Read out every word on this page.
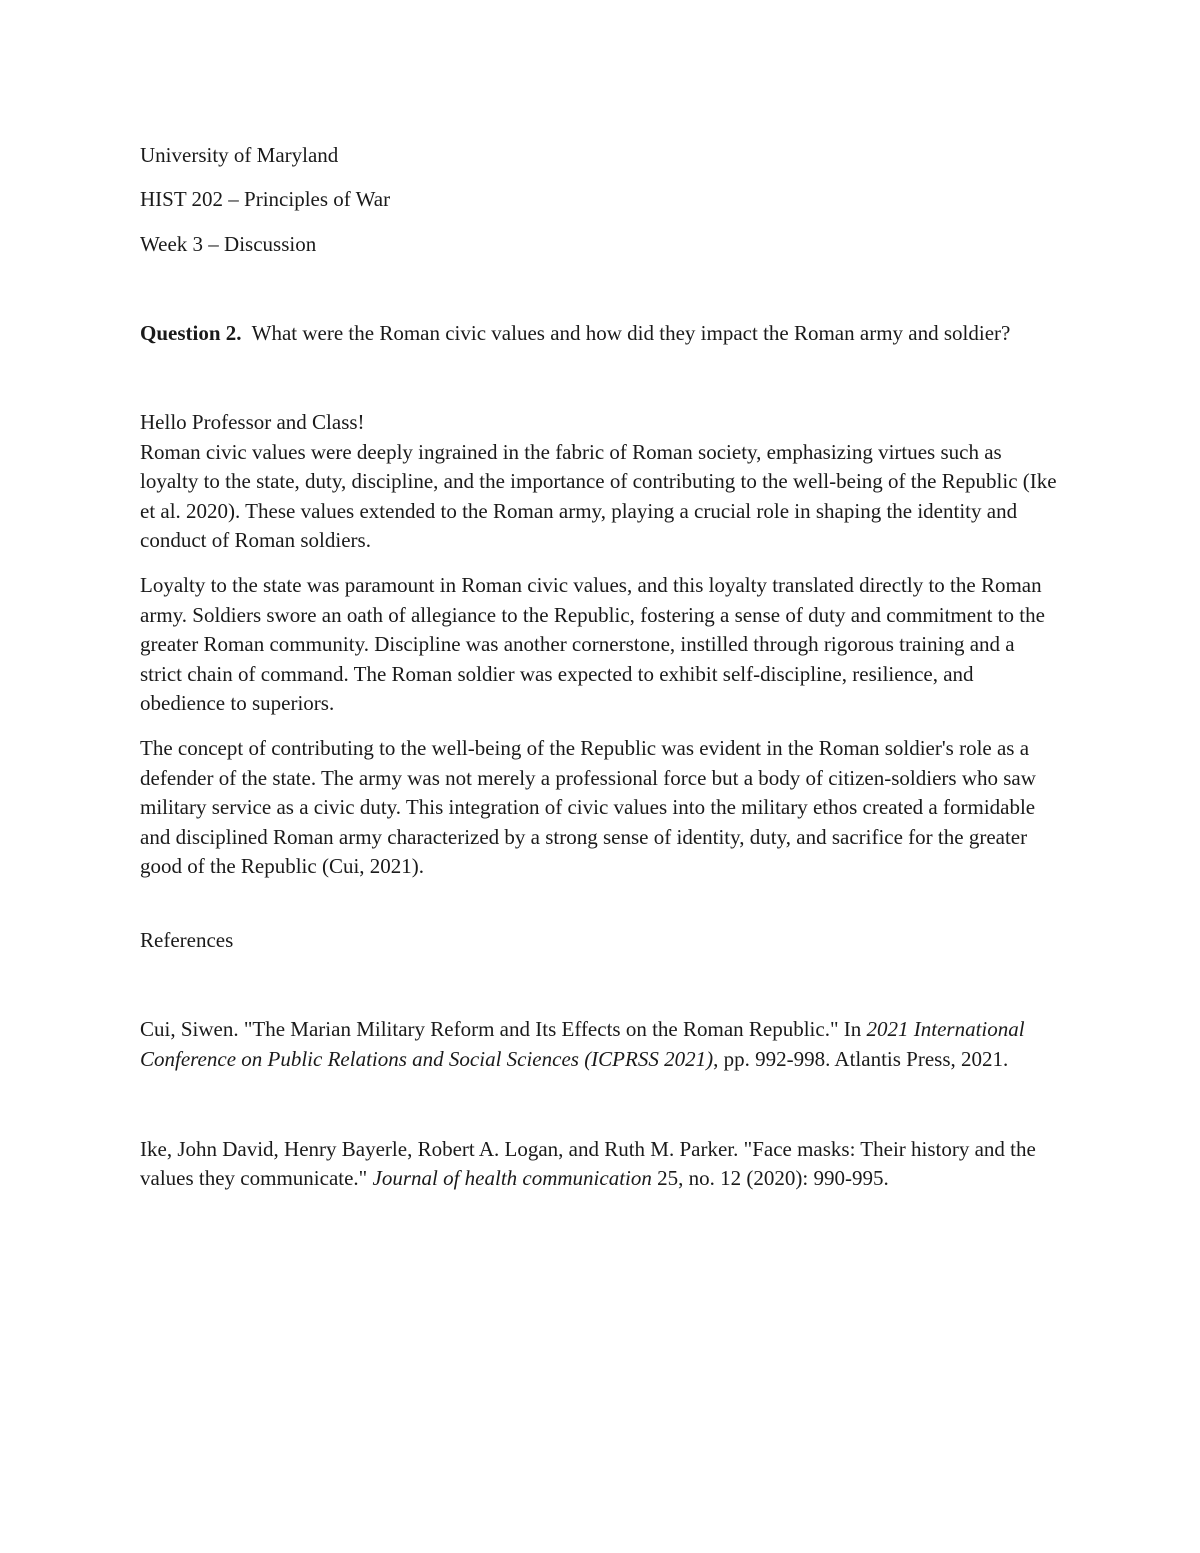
University of Maryland

HIST 202 – Principles of War

Week 3 – Discussion

Question 2. What were the Roman civic values and how did they impact the Roman army and soldier?

Hello Professor and Class!

Roman civic values were deeply ingrained in the fabric of Roman society, emphasizing virtues such as loyalty to the state, duty, discipline, and the importance of contributing to the well-being of the Republic (Ike et al. 2020). These values extended to the Roman army, playing a crucial role in shaping the identity and conduct of Roman soldiers.

Loyalty to the state was paramount in Roman civic values, and this loyalty translated directly to the Roman army. Soldiers swore an oath of allegiance to the Republic, fostering a sense of duty and commitment to the greater Roman community. Discipline was another cornerstone, instilled through rigorous training and a strict chain of command. The Roman soldier was expected to exhibit self-discipline, resilience, and obedience to superiors.

The concept of contributing to the well-being of the Republic was evident in the Roman soldier's role as a defender of the state. The army was not merely a professional force but a body of citizen-soldiers who saw military service as a civic duty. This integration of civic values into the military ethos created a formidable and disciplined Roman army characterized by a strong sense of identity, duty, and sacrifice for the greater good of the Republic (Cui, 2021).

References

Cui, Siwen. "The Marian Military Reform and Its Effects on the Roman Republic." In 2021 International Conference on Public Relations and Social Sciences (ICPRSS 2021), pp. 992-998. Atlantis Press, 2021.

Ike, John David, Henry Bayerle, Robert A. Logan, and Ruth M. Parker. "Face masks: Their history and the values they communicate." Journal of health communication 25, no. 12 (2020): 990-995.
